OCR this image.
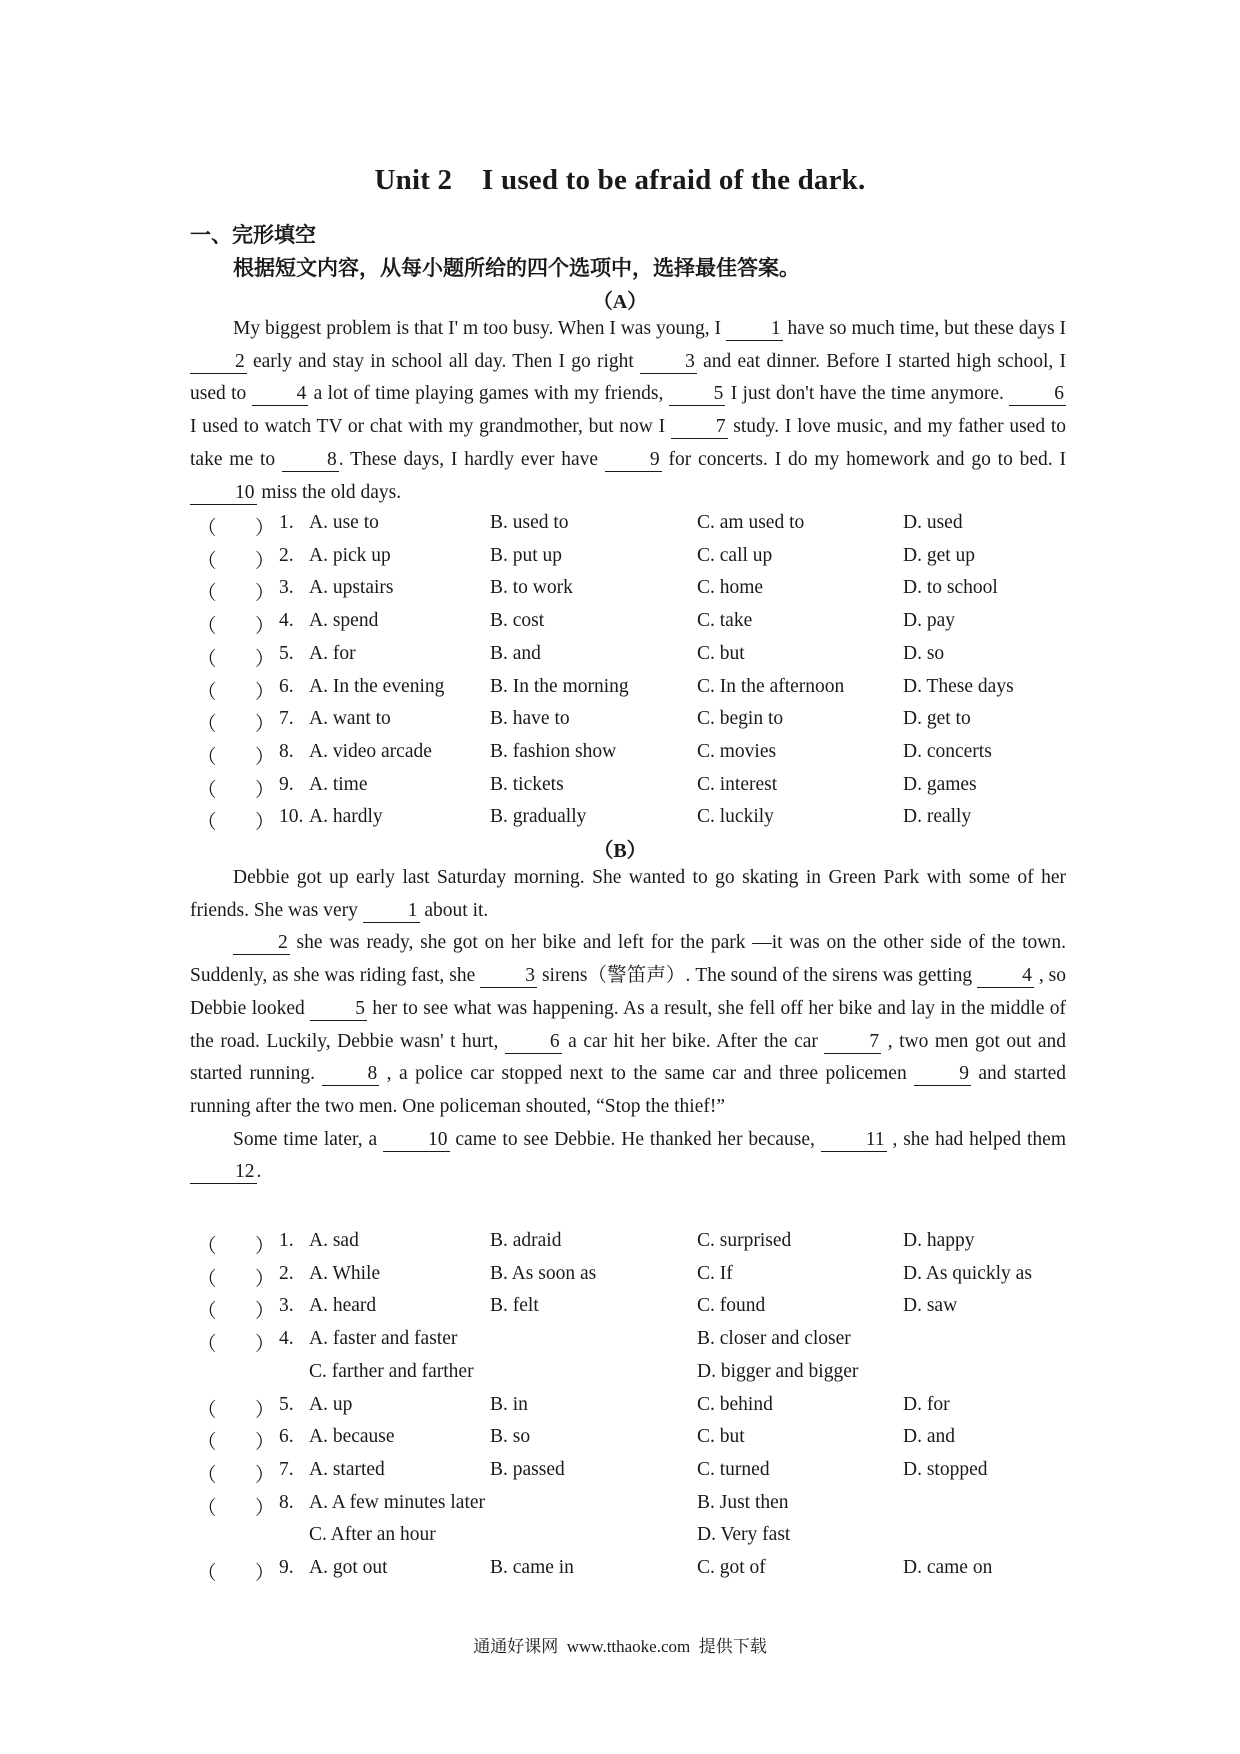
Unit 2    I used to be afraid of the dark.
一、完形填空
根据短文内容，从每小题所给的四个选项中，选择最佳答案。
（A）

My biggest problem is that I' m too busy. When I was young, I 1 have so much time, but these days I 2 early and stay in school all day. Then I go right 3 and eat dinner. Before I started high school, I used to 4 a lot of time playing games with my friends, 5 I just don't have the time anymore. 6 I used to watch TV or chat with my grandmother, but now I 7 study. I love music, and my father used to take me to 8 . These days, I hardly ever have 9 for concerts. I do my homework and go to bed. I 10 miss the old days.

（ ） 1. A. use to	B. used to	C. am used to	D. used
（ ） 2. A. pick up	B. put up	C. call up	D. get up
（ ） 3. A. upstairs	B. to work	C. home	D. to school
（ ） 4. A. spend	B. cost	C. take	D. pay
（ ） 5. A. for	B. and	C. but	D. so
（ ） 6. A. In the evening B. In the morning	C. In the afternoon	D. These days
（ ） 7. A. want to	B. have to	C. begin to	D. get to
（ ） 8. A. video arcade	B. fashion show	C. movies	D. concerts
（ ） 9. A. time	B. tickets	C. interest	D. games
（ ） 10. A. hardly	B. gradually	C. luckily	D. really
（B）

Debbie got up early last Saturday morning. She wanted to go skating in Green Park with some of her friends. She was very 1 about it.

2 she was ready, she got on her bike and left for the park —it was on the other side of the town. Suddenly, as she was riding fast, she 3 sirens（警笛声）. The sound of the sirens was getting 4 , so Debbie looked 5 her to see what was happening. As a result, she fell off her bike and lay in the middle of the road. Luckily, Debbie wasn' t hurt, 6 a car hit her bike. After the car 7 , two men got out and started running. 8 , a police car stopped next to the same car and three policemen 9 and started running after the two men. One policeman shouted, “Stop the thief!”

Some time later, a 10 came to see Debbie. He thanked her because, 11 , she had helped them 12 .

（ ） 1. A. sad	B. adraid	C. surprised	D. happy
（ ） 2. A. While	B. As soon as	C. If	D. As quickly as
（ ） 3. A. heard	B. felt	C. found	D. saw
（ ） 4. A. faster and faster	B. closer and closer
C. farther and farther	D. bigger and bigger
（ ） 5. A. up	B. in	C. behind	D. for
（ ） 6. A. because	B. so	C. but	D. and
（ ） 7. A. started	B. passed	C. turned	D. stopped
（ ） 8. A. A few minutes later	B. Just then
C. After an hour	D. Very fast
（ ） 9. A. got out	B. came in	C. got of	D. came on
通通好课网  www.tthaoke.com  提供下载
